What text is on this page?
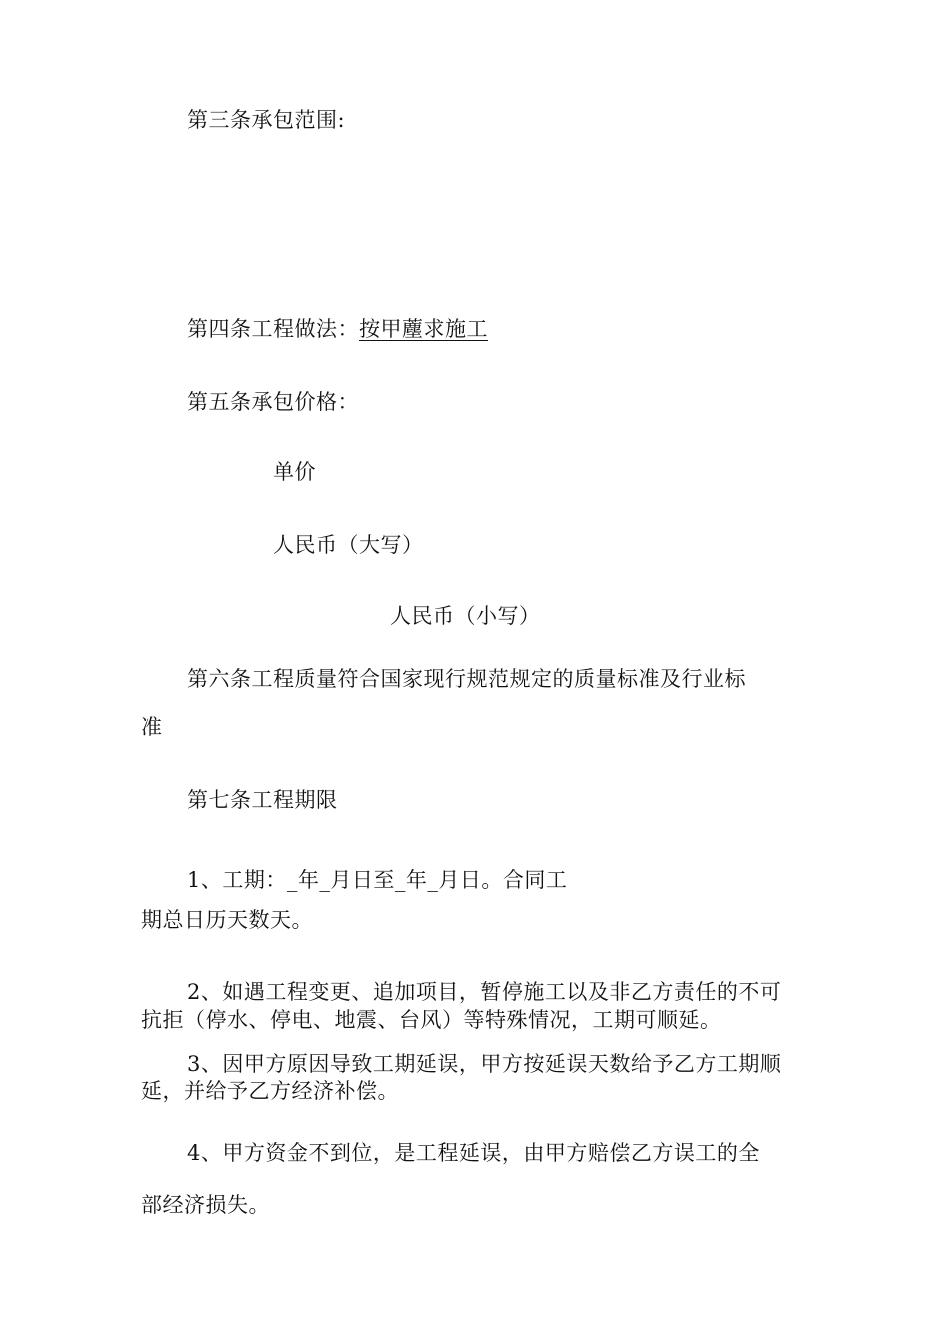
第三条承包范围:
第四条工程做法：按甲薼求施工
第五条承包价格：
单价
人民币（大写）
人民币（小写）
第六条工程质量符合国家现行规范规定的质量标准及行业标
准
第七条工程期限
1、工期：_年_月日至_年_月日。合同工
期总日历天数天。
2、如遇工程变更、追加项目，暂停施工以及非乙方责任的不可
抗拒（停水、停电、地震、台风）等特殊情况，工期可顺延。
3、因甲方原因导致工期延误，甲方按延误天数给予乙方工期顺
延，并给予乙方经济补偿。
4、甲方资金不到位，是工程延误，由甲方赔偿乙方误工的全
部经济损失。
